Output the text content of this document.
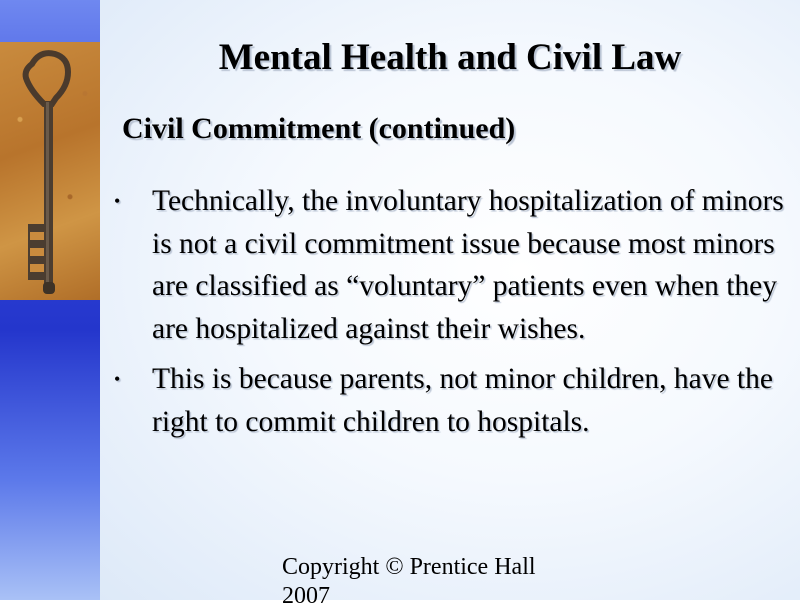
Mental Health and Civil Law
Civil Commitment (continued)
• Technically, the involuntary hospitalization of minors is not a civil commitment issue because most minors are classified as “voluntary” patients even when they are hospitalized against their wishes.
• This is because parents, not minor children, have the right to commit children to hospitals.
Copyright © Prentice Hall 2007
